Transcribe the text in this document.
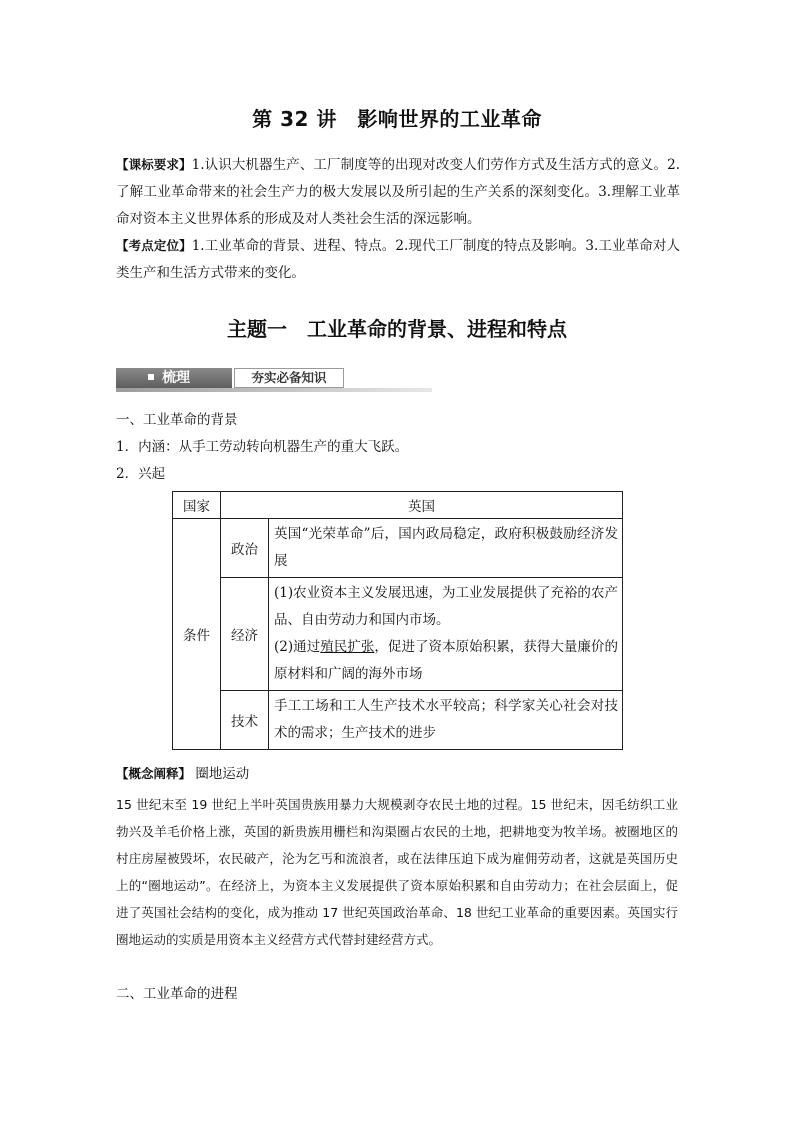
第 32 讲　影响世界的工业革命
【课标要求】1.认识大机器生产、工厂制度等的出现对改变人们劳作方式及生活方式的意义。2.了解工业革命带来的社会生产力的极大发展以及所引起的生产关系的深刻变化。3.理解工业革命对资本主义世界体系的形成及对人类社会生活的深远影响。
【考点定位】1.工业革命的背景、进程、特点。2.现代工厂制度的特点及影响。3.工业革命对人类生产和生活方式带来的变化。
主题一　工业革命的背景、进程和特点
梳理	夯实必备知识
一、工业革命的背景
1．内涵：从手工劳动转向机器生产的重大飞跃。
2．兴起
国家	英国	
条件	政治	英国“光荣革命”后，国内政局稳定，政府积极鼓励经济发展
	经济	(1)农业资本主义发展迅速，为工业发展提供了充裕的农产品、自由劳动力和国内市场。
(2)通过殖民扩张，促进了资本原始积累，获得大量廉价的原材料和广阔的海外市场

	技术	手工工场和工人生产技术水平较高；科学家关心社会对技术的需求；生产技术的进步
【概念阐释】 圈地运动
15 世纪末至 19 世纪上半叶英国贵族用暴力大规模剥夺农民土地的过程。15 世纪末，因毛纺织工业勃兴及羊毛价格上涨，英国的新贵族用栅栏和沟渠圈占农民的土地，把耕地变为牧羊场。被圈地区的村庄房屋被毁坏，农民破产，沦为乞丐和流浪者，或在法律压迫下成为雇佣劳动者，这就是英国历史上的“圈地运动”。在经济上，为资本主义发展提供了资本原始积累和自由劳动力；在社会层面上，促进了英国社会结构的变化，成为推动 17 世纪英国政治革命、18 世纪工业革命的重要因素。英国实行圈地运动的实质是用资本主义经营方式代替封建经营方式。
二、工业革命的进程
